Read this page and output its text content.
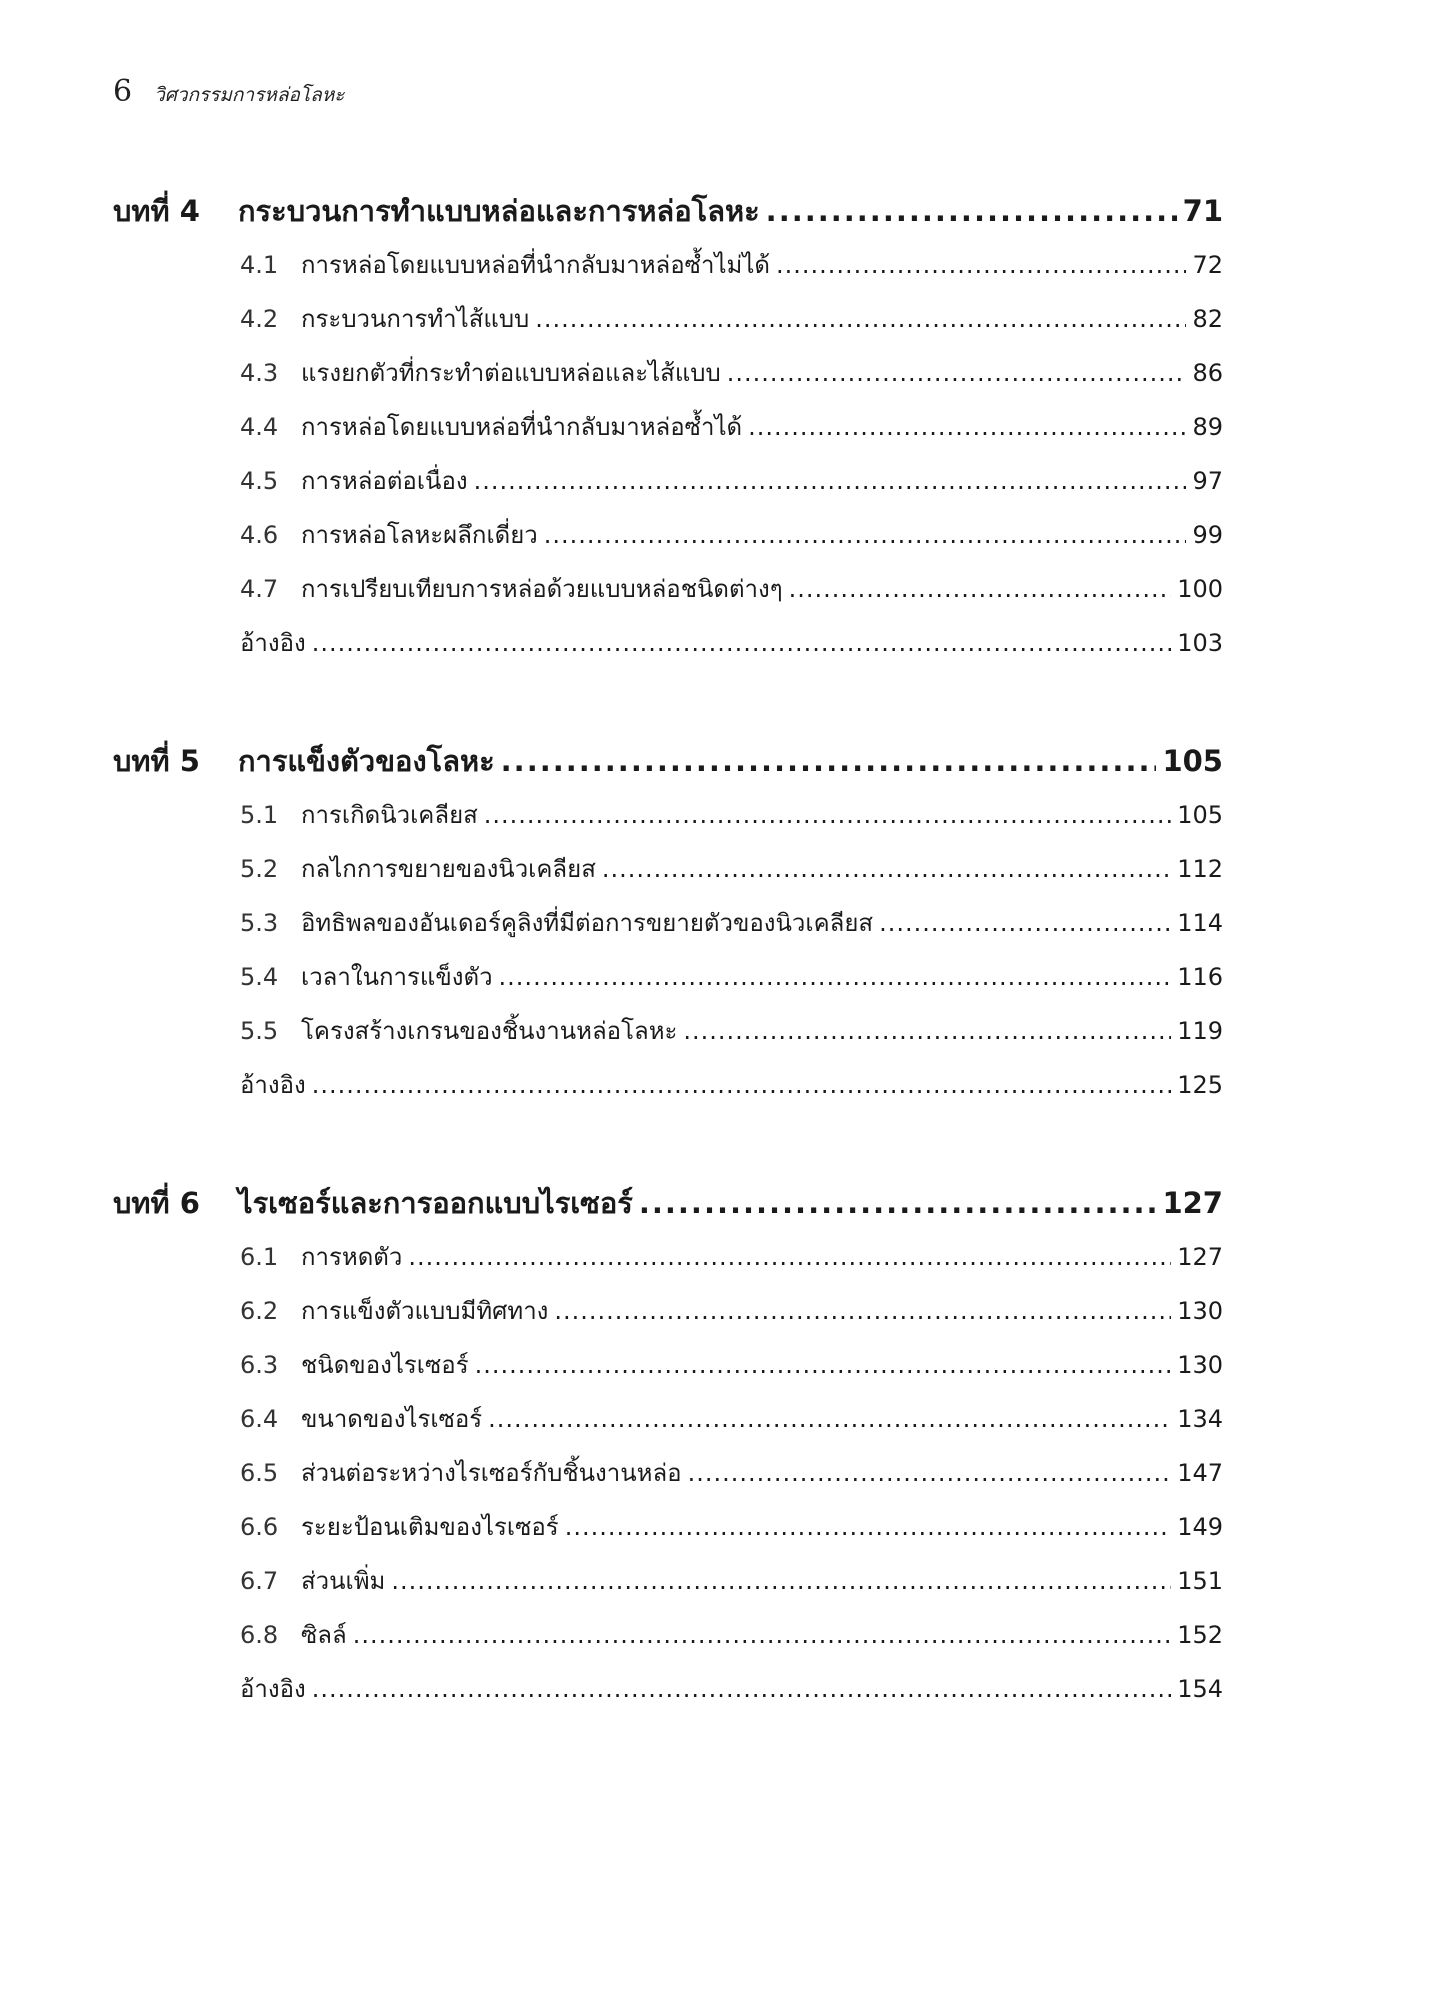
6 วิศวกรรมการหล่อโลหะ
บทที่ 4	กระบวนการทำแบบหล่อและการหล่อโลหะ .....	71
4.1 การหล่อโดยแบบหล่อที่นำกลับมาหล่อซ้ำไม่ได้ .....	72
4.2 กระบวนการทำไส้แบบ .....	82
4.3 แรงยกตัวที่กระทำต่อแบบหล่อและไส้แบบ .....	86
4.4 การหล่อโดยแบบหล่อที่นำกลับมาหล่อซ้ำได้ .....	89
4.5 การหล่อต่อเนื่อง .....	97
4.6 การหล่อโลหะผลึกเดี่ยว .....	99
4.7 การเปรียบเทียบการหล่อด้วยแบบหล่อชนิดต่างๆ .....	100
อ้างอิง .....	103
บทที่ 5	การแข็งตัวของโลหะ .....	105
5.1 การเกิดนิวเคลียส .....	105
5.2 กลไกการขยายของนิวเคลียส .....	112
5.3 อิทธิพลของอันเดอร์คูลิงที่มีต่อการขยายตัวของนิวเคลียส .....	114
5.4 เวลาในการแข็งตัว .....	116
5.5 โครงสร้างเกรนของชิ้นงานหล่อโลหะ .....	119
อ้างอิง .....	125
บทที่ 6	ไรเซอร์และการออกแบบไรเซอร์ .....	127
6.1 การหดตัว .....	127
6.2 การแข็งตัวแบบมีทิศทาง .....	130
6.3 ชนิดของไรเซอร์ .....	130
6.4 ขนาดของไรเซอร์ .....	134
6.5 ส่วนต่อระหว่างไรเซอร์กับชิ้นงานหล่อ .....	147
6.6 ระยะป้อนเติมของไรเซอร์ .....	149
6.7 ส่วนเพิ่ม .....	151
6.8 ซิลล์ .....	152
อ้างอิง .....	154
